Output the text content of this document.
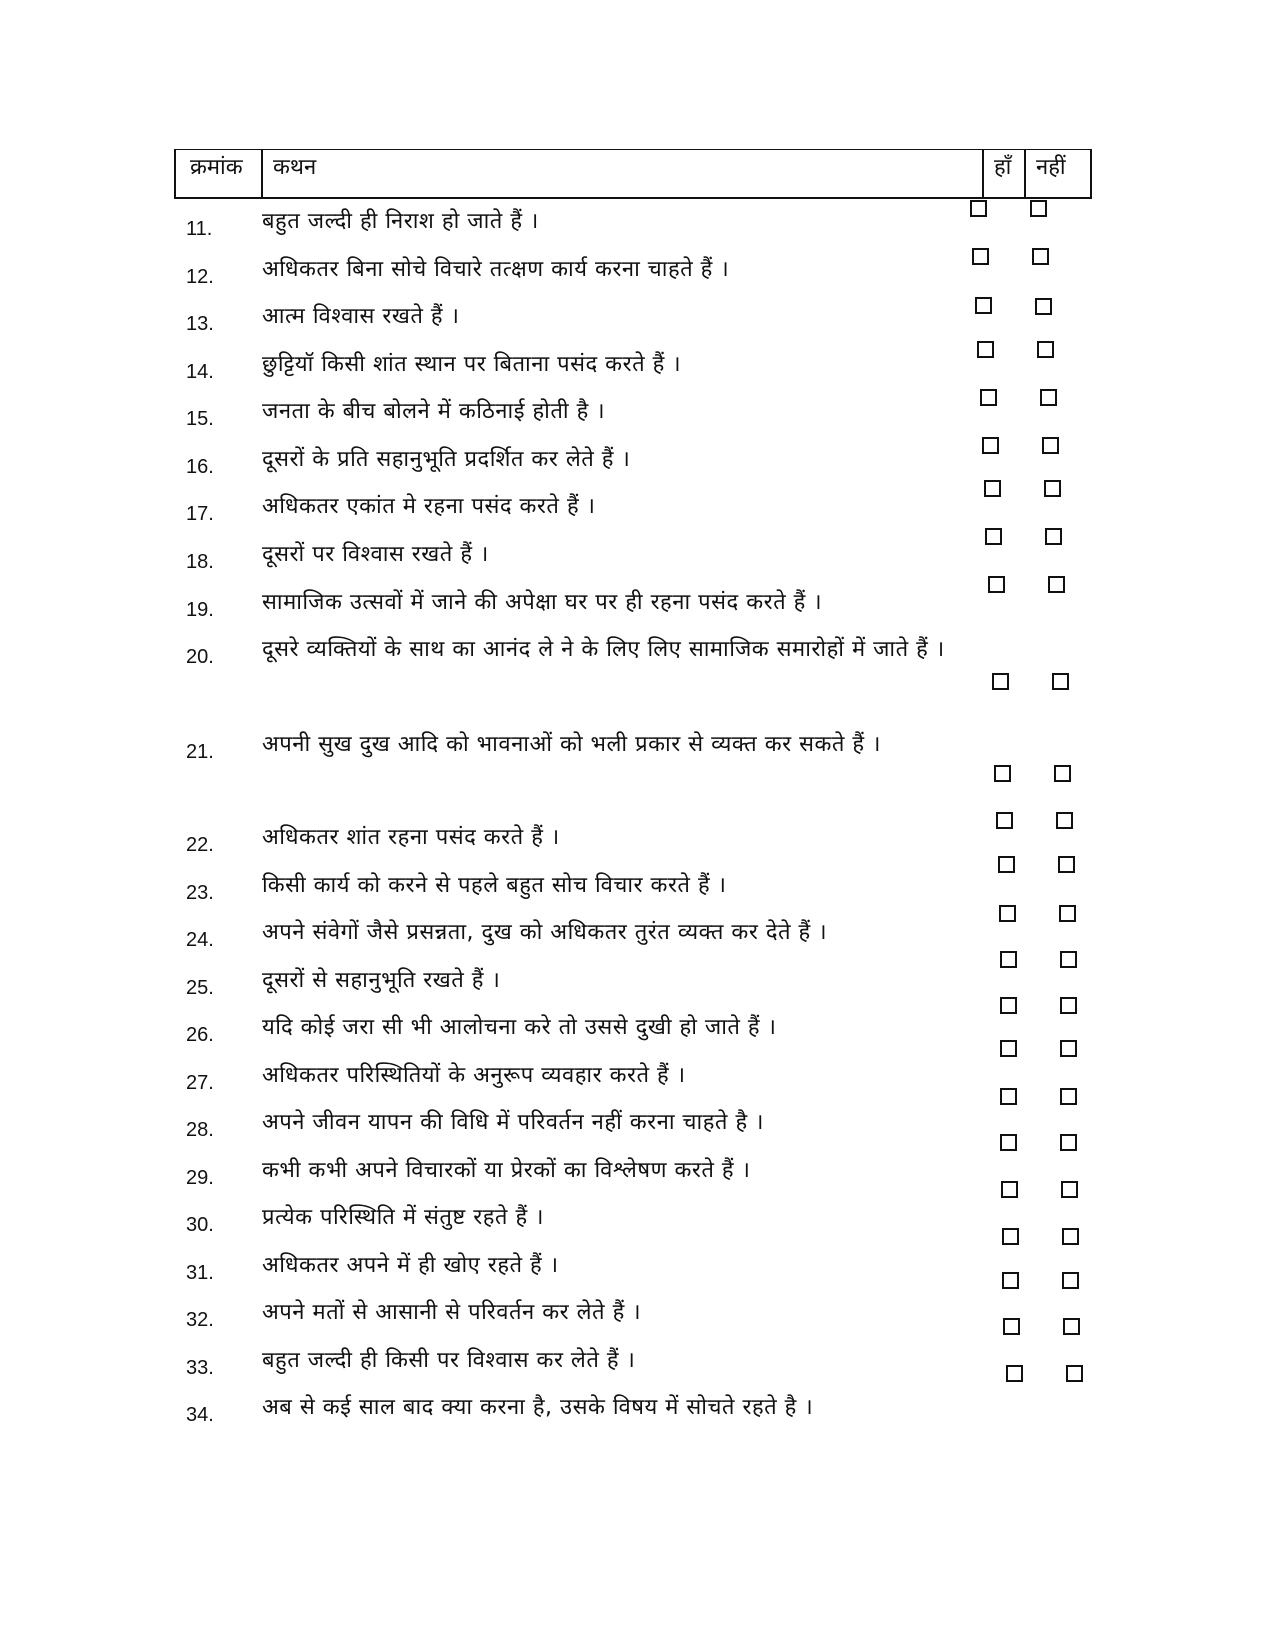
क्रमांक	कथन	हाँ	नहीं
11. बहुत जल्दी ही निराश हो जाते हैं ।
12. अधिकतर बिना सोचे विचारे तत्क्षण कार्य करना चाहते हैं ।
13. आत्म विश्वास रखते हैं ।
14. छुट्टियॉ किसी शांत स्थान पर बिताना पसंद करते हैं ।
15. जनता के बीच बोलने में कठिनाई होती है ।
16. दूसरों के प्रति सहानुभूति प्रदर्शित कर लेते हैं ।
17. अधिकतर एकांत मे रहना पसंद करते हैं ।
18. दूसरों पर विश्वास रखते हैं ।
19. सामाजिक उत्सवों में जाने की अपेक्षा घर पर ही रहना पसंद करते हैं ।
20. दूसरे व्यक्तियों के साथ का आनंद ले ने के लिए लिए सामाजिक समारोहों में जाते हैं ।
21. अपनी सुख दुख आदि को भावनाओं को भली प्रकार से व्यक्त कर सकते हैं ।
22. अधिकतर शांत रहना पसंद करते हैं ।
23. किसी कार्य को करने से पहले बहुत सोच विचार करते हैं ।
24. अपने संवेगों जैसे प्रसन्नता, दुख को अधिकतर तुरंत व्यक्त कर देते हैं ।
25. दूसरों से सहानुभूति रखते हैं ।
26. यदि कोई जरा सी भी आलोचना करे तो उससे दुखी हो जाते हैं ।
27. अधिकतर परिस्थितियों के अनुरूप व्यवहार करते हैं ।
28. अपने जीवन यापन की विधि में परिवर्तन नहीं करना चाहते है ।
29. कभी कभी अपने विचारकों या प्रेरकों का विश्लेषण करते हैं ।
30. प्रत्येक परिस्थिति में संतुष्ट रहते हैं ।
31. अधिकतर अपने में ही खोए रहते हैं ।
32. अपने मतों से आसानी से परिवर्तन कर लेते हैं ।
33. बहुत जल्दी ही किसी पर विश्वास कर लेते हैं ।
34. अब से कई साल बाद क्या करना है, उसके विषय में सोचते रहते है ।
